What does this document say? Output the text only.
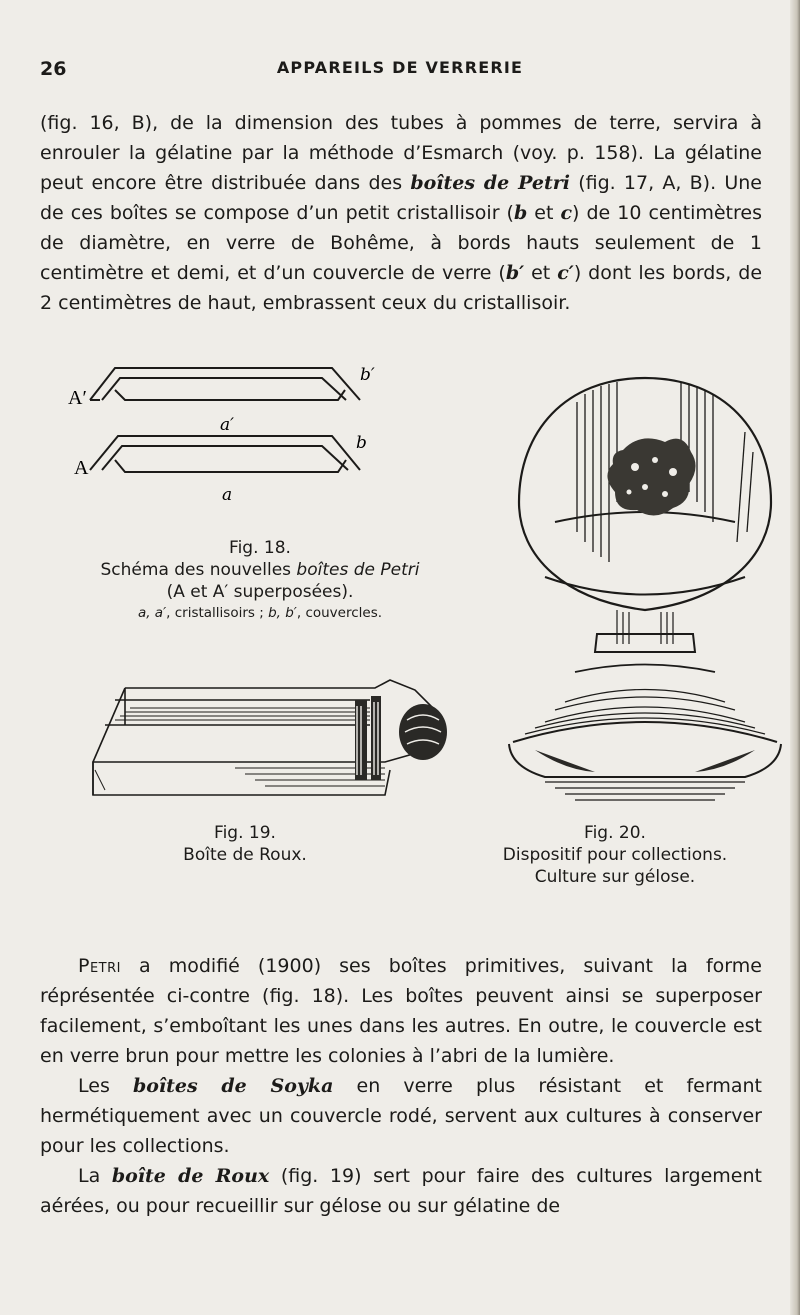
26	APPAREILS DE VERRERIE

(fig. 16, B), de la dimension des tubes à pommes de terre, servira à enrouler la gélatine par la méthode d’Esmarch (voy. p. 158). La gélatine peut encore être distribuée dans des boîtes de Petri (fig. 17, A, B). Une de ces boîtes se compose d’un petit cristallisoir (b et c) de 10 centimètres de diamètre, en verre de Bohême, à bords hauts seulement de 1 centimètre et demi, et d’un couvercle de verre (b′ et c′) dont les bords, de 2 centimètres de haut, embrassent ceux du cristallisoir.

A′
A
a′
a
b′
b
Fig. 18.
Schéma des nouvelles boîtes de Petri
(A et A′ superposées).
a, a′, cristallisoirs ; b, b′, couvercles.
Fig. 19.
Boîte de Roux.
Fig. 20.
Dispositif pour collections.
Culture sur gélose.

Petri a modifié (1900) ses boîtes primitives, suivant la forme réprésentée ci-contre (fig. 18). Les boîtes peuvent ainsi se superposer facilement, s’emboîtant les unes dans les autres. En outre, le couvercle est en verre brun pour mettre les colonies à l’abri de la lumière.

Les boîtes de Soyka en verre plus résistant et fermant hermétiquement avec un couvercle rodé, servent aux cultures à conserver pour les collections.

La boîte de Roux (fig. 19) sert pour faire des cultures largement aérées, ou pour recueillir sur gélose ou sur gélatine de
